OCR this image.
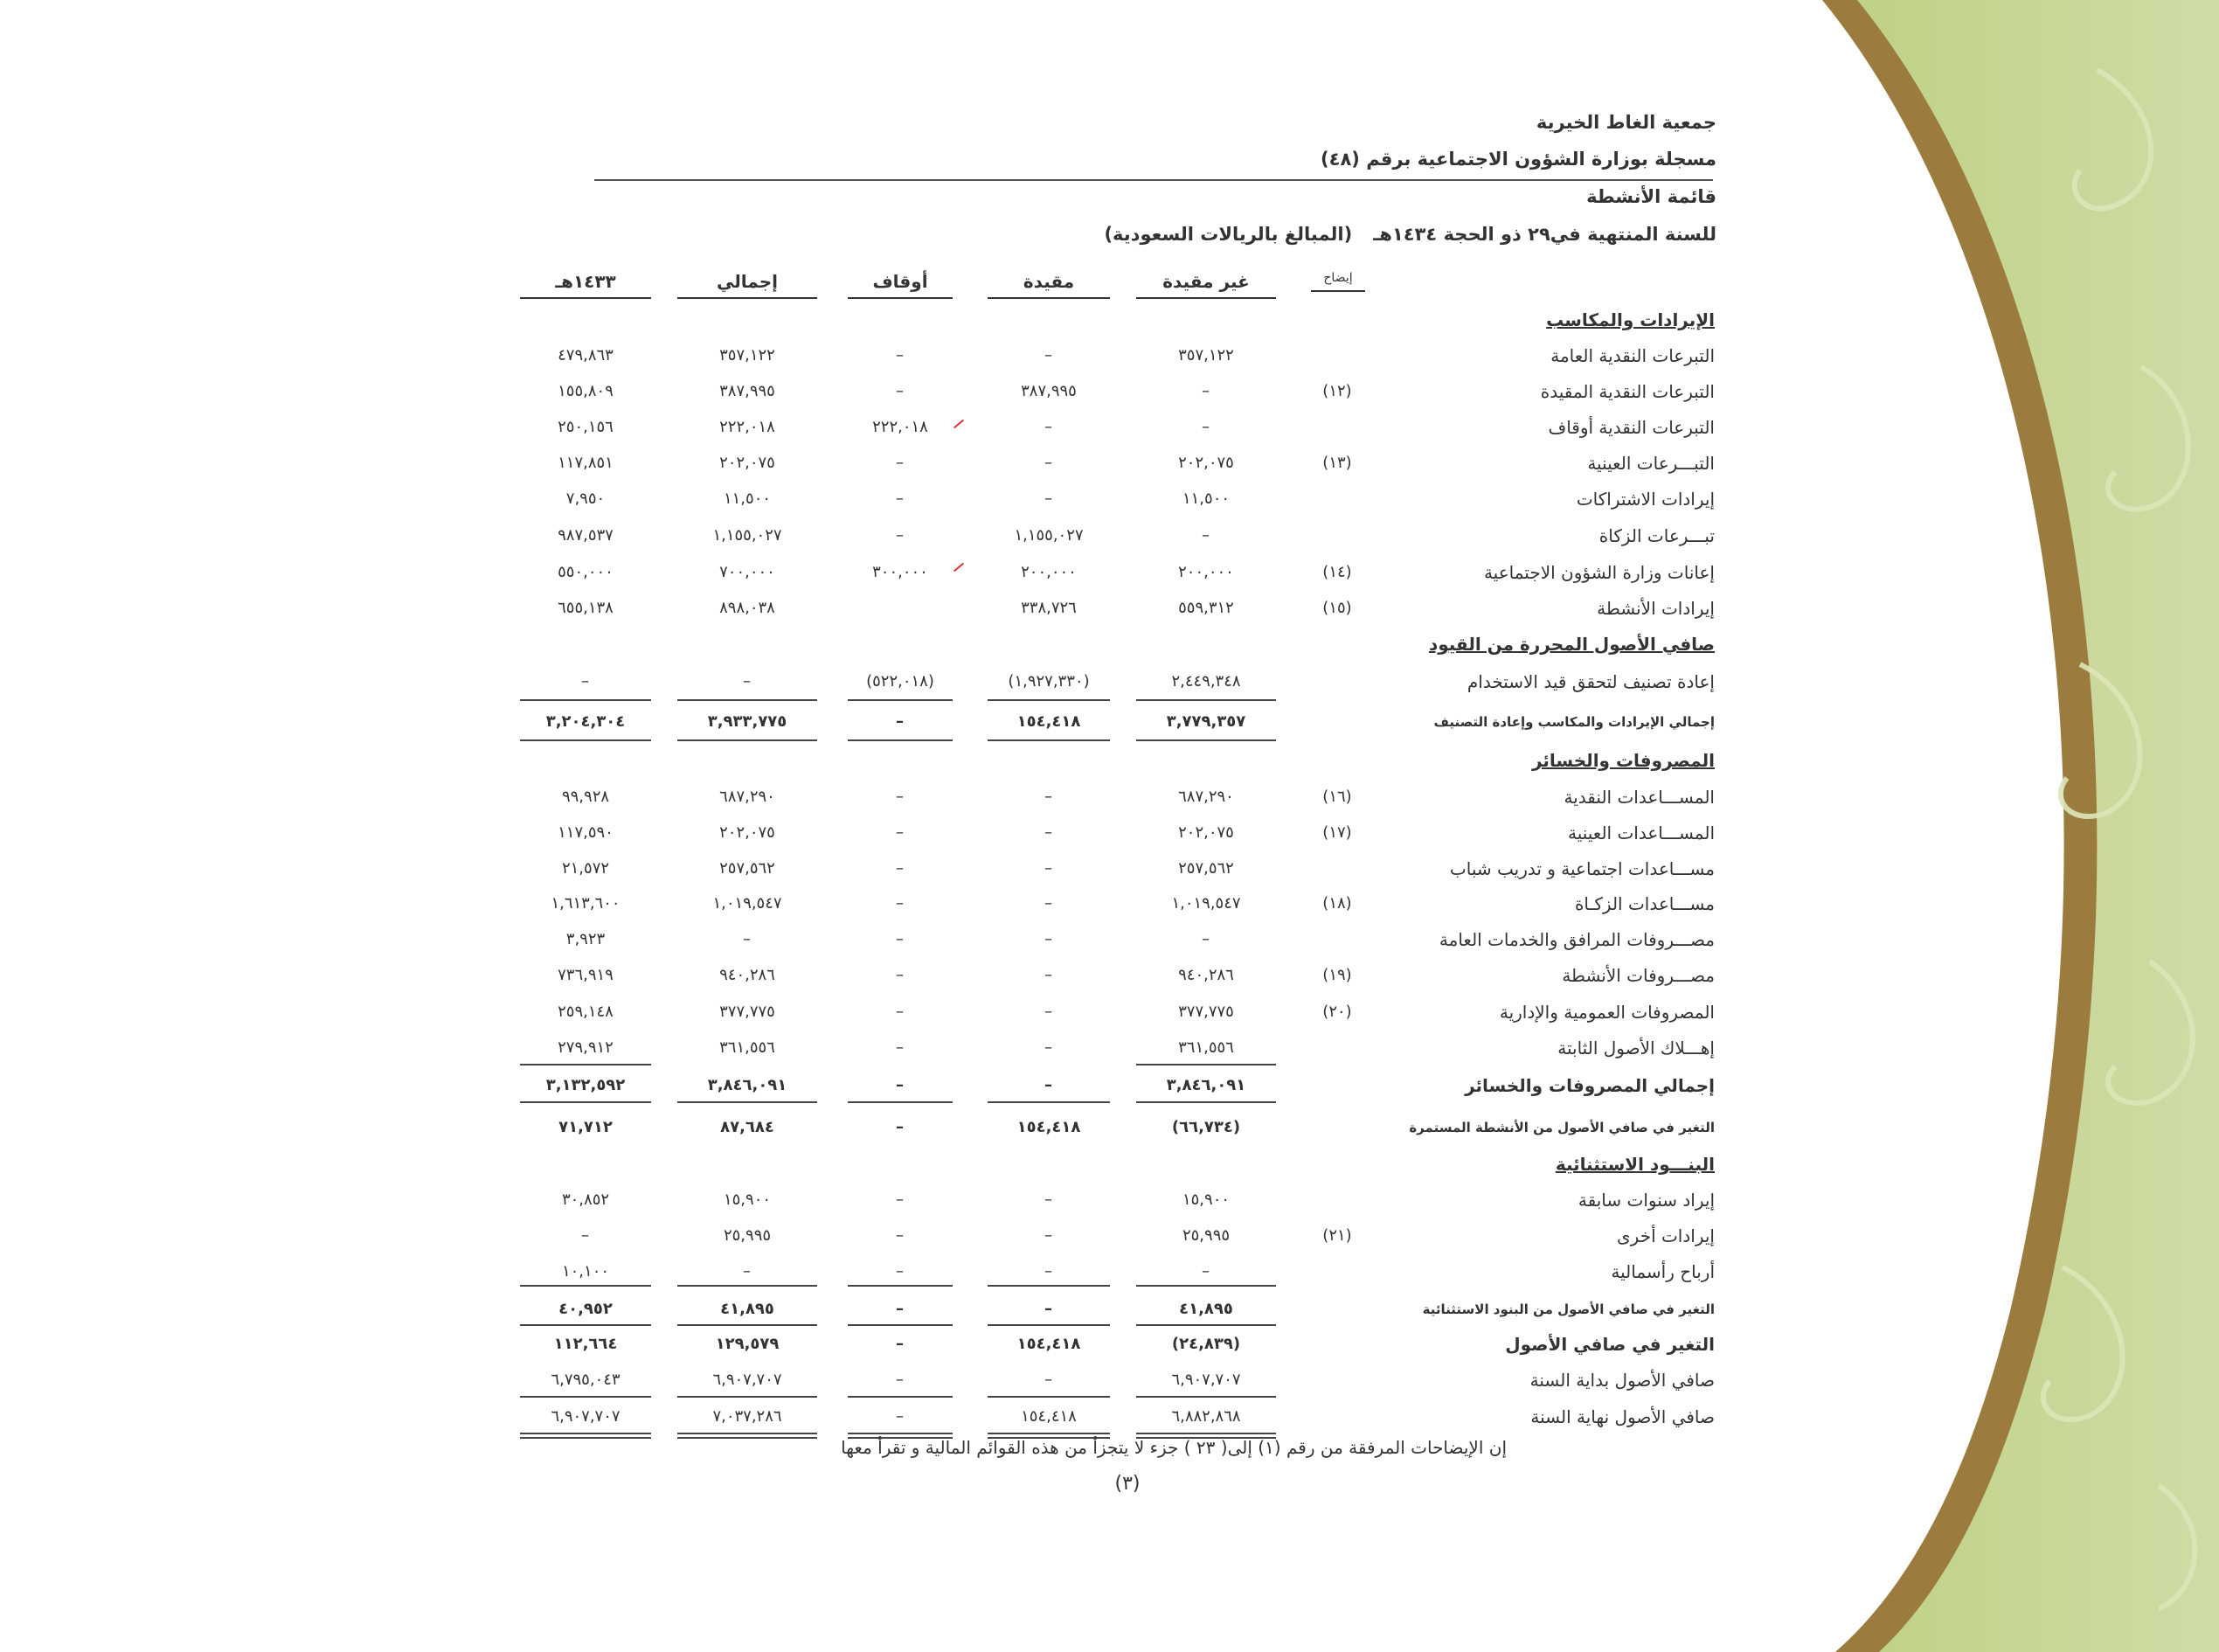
جمعية الغاط الخيرية
مسجلة بوزارة الشؤون الاجتماعية برقم (٤٨)
قائمة الأنشطة
للسنة المنتهية في٢٩ ذو الحجة ١٤٣٤هـ(المبالغ بالريالات السعودية)
إيضاح
غير مقيدة
مقيدة
أوقاف
إجمالي
١٤٣٣هـ
الإيرادات والمكاسب
التبرعات النقدية العامة
٣٥٧,١٢٢
–
–
٣٥٧,١٢٢
٤٧٩,٨٦٣
التبرعات النقدية المقيدة
(١٢)
–
٣٨٧,٩٩٥
–
٣٨٧,٩٩٥
١٥٥,٨٠٩
التبرعات النقدية أوقاف
–
–
٢٢٢,٠١٨
٢٢٢,٠١٨
٢٥٠,١٥٦
التبـــرعات العينية
(١٣)
٢٠٢,٠٧٥
–
–
٢٠٢,٠٧٥
١١٧,٨٥١
إيرادات الاشتراكات
١١,٥٠٠
–
–
١١,٥٠٠
٧,٩٥٠
تبـــرعات الزكاة
–
١,١٥٥,٠٢٧
–
١,١٥٥,٠٢٧
٩٨٧,٥٣٧
إعانات وزارة الشؤون الاجتماعية
(١٤)
٢٠٠,٠٠٠
٢٠٠,٠٠٠
٣٠٠,٠٠٠
٧٠٠,٠٠٠
٥٥٠,٠٠٠
إيرادات الأنشطة
(١٥)
٥٥٩,٣١٢
٣٣٨,٧٢٦
٨٩٨,٠٣٨
٦٥٥,١٣٨
صافي الأصول المحررة من القيود
إعادة تصنيف لتحقق قيد الاستخدام
٢,٤٤٩,٣٤٨
(١,٩٢٧,٣٣٠)
(٥٢٢,٠١٨)
–
–
إجمالي الإيرادات والمكاسب وإعادة التصنيف
٣,٧٧٩,٣٥٧
١٥٤,٤١٨
–
٣,٩٣٣,٧٧٥
٣,٢٠٤,٣٠٤
المصروفات والخسائر
المســـاعدات النقدية
(١٦)
٦٨٧,٢٩٠
–
–
٦٨٧,٢٩٠
٩٩,٩٢٨
المســـاعدات العينية
(١٧)
٢٠٢,٠٧٥
–
–
٢٠٢,٠٧٥
١١٧,٥٩٠
مســـاعدات اجتماعية و تدريب شباب
٢٥٧,٥٦٢
–
–
٢٥٧,٥٦٢
٢١,٥٧٢
مســـاعدات الزكـاة
(١٨)
١,٠١٩,٥٤٧
–
–
١,٠١٩,٥٤٧
١,٦١٣,٦٠٠
مصـــروفات المرافق والخدمات العامة
–
–
–
–
٣,٩٢٣
مصـــروفات الأنشطة
(١٩)
٩٤٠,٢٨٦
–
–
٩٤٠,٢٨٦
٧٣٦,٩١٩
المصروفات العمومية والإدارية
(٢٠)
٣٧٧,٧٧٥
–
–
٣٧٧,٧٧٥
٢٥٩,١٤٨
إهـــلاك الأصول الثابتة
٣٦١,٥٥٦
–
–
٣٦١,٥٥٦
٢٧٩,٩١٢
إجمالي المصروفات والخسائر
٣,٨٤٦,٠٩١
–
–
٣,٨٤٦,٠٩١
٣,١٣٢,٥٩٢
التغير في صافي الأصول من الأنشطة المستمرة
(٦٦,٧٣٤)
١٥٤,٤١٨
–
٨٧,٦٨٤
٧١,٧١٢
البنـــود الاستثنائية
إيراد سنوات سابقة
١٥,٩٠٠
–
–
١٥,٩٠٠
٣٠,٨٥٢
إيرادات أخرى
(٢١)
٢٥,٩٩٥
–
–
٢٥,٩٩٥
–
أرباح رأسمالية
–
–
–
–
١٠,١٠٠
التغير في صافي الأصول من البنود الاستثنائية
٤١,٨٩٥
–
–
٤١,٨٩٥
٤٠,٩٥٢
التغير في صافي الأصول
(٢٤,٨٣٩)
١٥٤,٤١٨
–
١٢٩,٥٧٩
١١٢,٦٦٤
صافي الأصول بداية السنة
٦,٩٠٧,٧٠٧
–
–
٦,٩٠٧,٧٠٧
٦,٧٩٥,٠٤٣
صافي الأصول نهاية السنة
٦,٨٨٢,٨٦٨
١٥٤,٤١٨
–
٧,٠٣٧,٢٨٦
٦,٩٠٧,٧٠٧
إن الإيضاحات المرفقة من رقم (١) إلى( ٢٣ ) جزء لا يتجزأ من هذه القوائم المالية و تقرأ معها
(٣)
